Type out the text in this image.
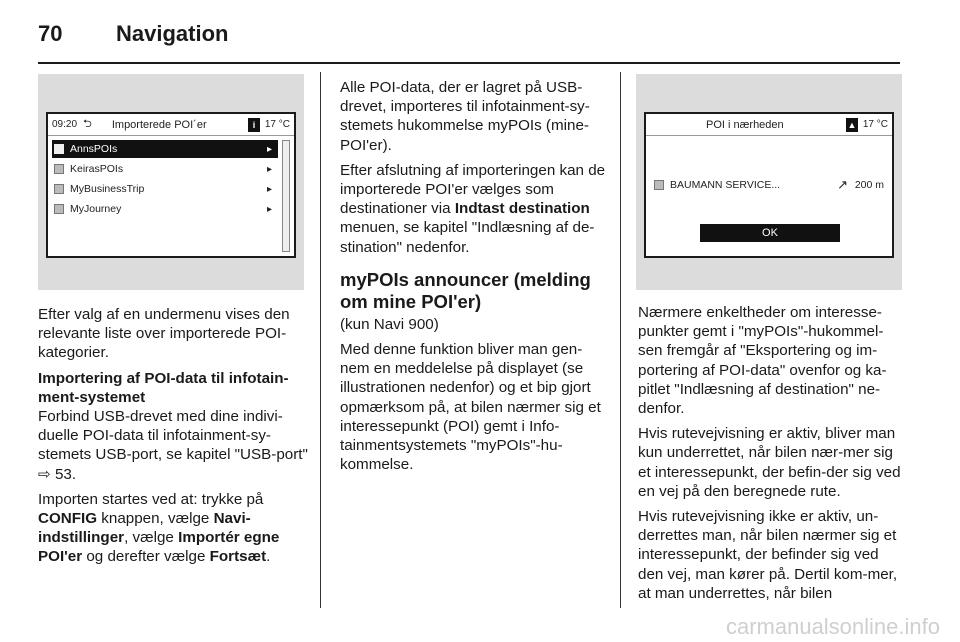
70	Navigation
09:20 ⮌ Importerede POI´er	i 17 °C
AnnsPOIs	▸
KeirasPOIs	▸
MyBusinessTrip	▸
MyJourney	▸

Efter valg af en undermenu vises den relevante liste over importerede POI-kategorier.

Importering af POI-data til infotain-ment-systemet

Forbind USB-drevet med dine indivi-duelle POI-data til infotainment-sy-stemets USB-port, se kapitel "USB-port" ⇨ 53.

Importen startes ved at: trykke på CONFIG knappen, vælge Navi-indstillinger, vælge Importér egne POI'er og derefter vælge Fortsæt.

Alle POI-data, der er lagret på USB-drevet, importeres til infotainment-sy-stemets hukommelse myPOIs (mine-POI'er).

Efter afslutning af importeringen kan de importerede POI'er vælges som destinationer via Indtast destination menuen, se kapitel "Indlæsning af de-stination" nedenfor.

myPOIs announcer (melding om mine POI'er)

(kun Navi 900)

Med denne funktion bliver man gen-nem en meddelelse på displayet (se illustrationen nedenfor) og et bip gjort opmærksom på, at bilen nærmer sig et interessepunkt (POI) gemt i Info-tainmentsystemets "myPOIs"-hu-kommelse.

POI i nærheden	▲ 17 °C
BAUMANN SERVICE...	↗ 200 m
OK

Nærmere enkeltheder om interesse-punkter gemt i "myPOIs"-hukommel-sen fremgår af "Eksportering og im-portering af POI-data" ovenfor og ka-pitlet "Indlæsning af destination" ne-denfor.

Hvis rutevejvisning er aktiv, bliver man kun underrettet, når bilen nær-mer sig et interessepunkt, der befin-der sig ved en vej på den beregnede rute.

Hvis rutevejvisning ikke er aktiv, un-derrettes man, når bilen nærmer sig et interessepunkt, der befinder sig ved den vej, man kører på. Dertil kom-mer, at man underrettes, når bilen

carmanualsonline.info
